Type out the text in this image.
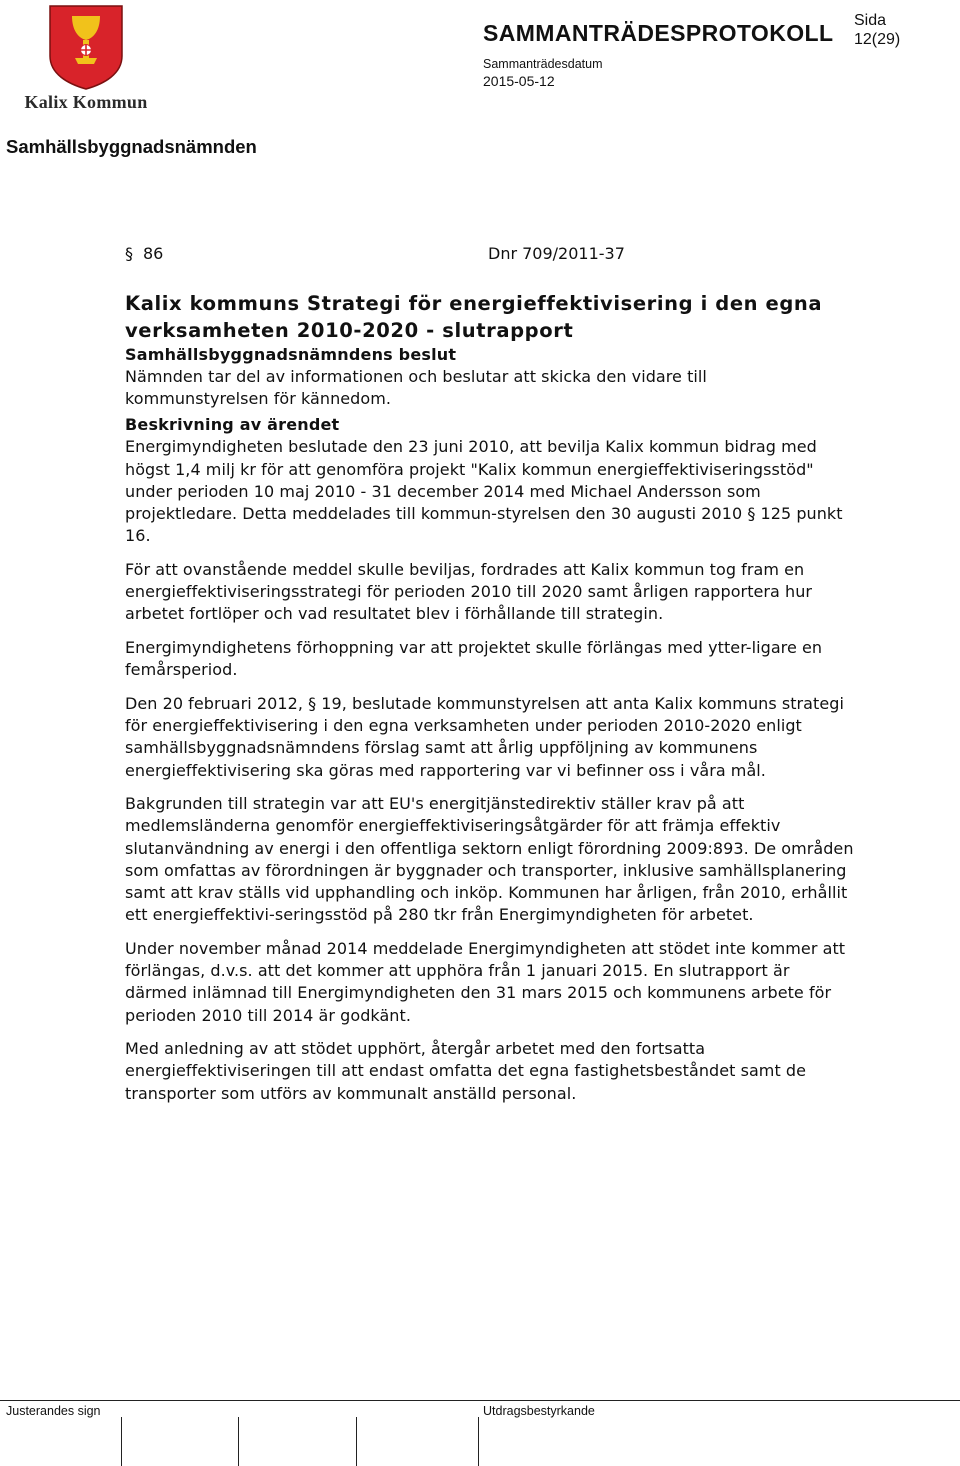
Kalix Kommun
SAMMANTRÄDESPROTOKOLL Sida
12(29)
Sammanträdesdatum
2015-05-12
Samhällsbyggnadsnämnden
§ 86	Dnr 709/2011-37
Kalix kommuns Strategi för energieffektivisering i den egna verksamheten 2010-2020 - slutrapport
Samhällsbyggnadsnämndens beslut

Nämnden tar del av informationen och beslutar att skicka den vidare till kommunstyrelsen för kännedom.

Beskrivning av ärendet

Energimyndigheten beslutade den 23 juni 2010, att bevilja Kalix kommun bidrag med högst 1,4 milj kr för att genomföra projekt "Kalix kommun energieffektiviseringsstöd" under perioden 10 maj 2010 - 31 december 2014 med Michael Andersson som projektledare. Detta meddelades till kommun-styrelsen den 30 augusti 2010 § 125 punkt 16.

För att ovanstående meddel skulle beviljas, fordrades att Kalix kommun tog fram en energieffektiviseringsstrategi för perioden 2010 till 2020 samt årligen rapportera hur arbetet fortlöper och vad resultatet blev i förhållande till strategin.

Energimyndighetens förhoppning var att projektet skulle förlängas med ytter-ligare en femårsperiod.

Den 20 februari 2012, § 19, beslutade kommunstyrelsen att anta Kalix kommuns strategi för energieffektivisering i den egna verksamheten under perioden 2010-2020 enligt samhällsbyggnadsnämndens förslag samt att årlig uppföljning av kommunens energieffektivisering ska göras med rapportering var vi befinner oss i våra mål.

Bakgrunden till strategin var att EU's energitjänstedirektiv ställer krav på att medlemsländerna genomför energieffektiviseringsåtgärder för att främja effektiv slutanvändning av energi i den offentliga sektorn enligt förordning 2009:893. De områden som omfattas av förordningen är byggnader och transporter, inklusive samhällsplanering samt att krav ställs vid upphandling och inköp. Kommunen har årligen, från 2010, erhållit ett energieffektivi-seringsstöd på 280 tkr från Energimyndigheten för arbetet.

Under november månad 2014 meddelade Energimyndigheten att stödet inte kommer att förlängas, d.v.s. att det kommer att upphöra från 1 januari 2015. En slutrapport är därmed inlämnad till Energimyndigheten den 31 mars 2015 och kommunens arbete för perioden 2010 till 2014 är godkänt.

Med anledning av att stödet upphört, återgår arbetet med den fortsatta energieffektiviseringen till att endast omfatta det egna fastighetsbeståndet samt de transporter som utförs av kommunalt anställd personal.

Justerandes sign	Utdragsbestyrkande
